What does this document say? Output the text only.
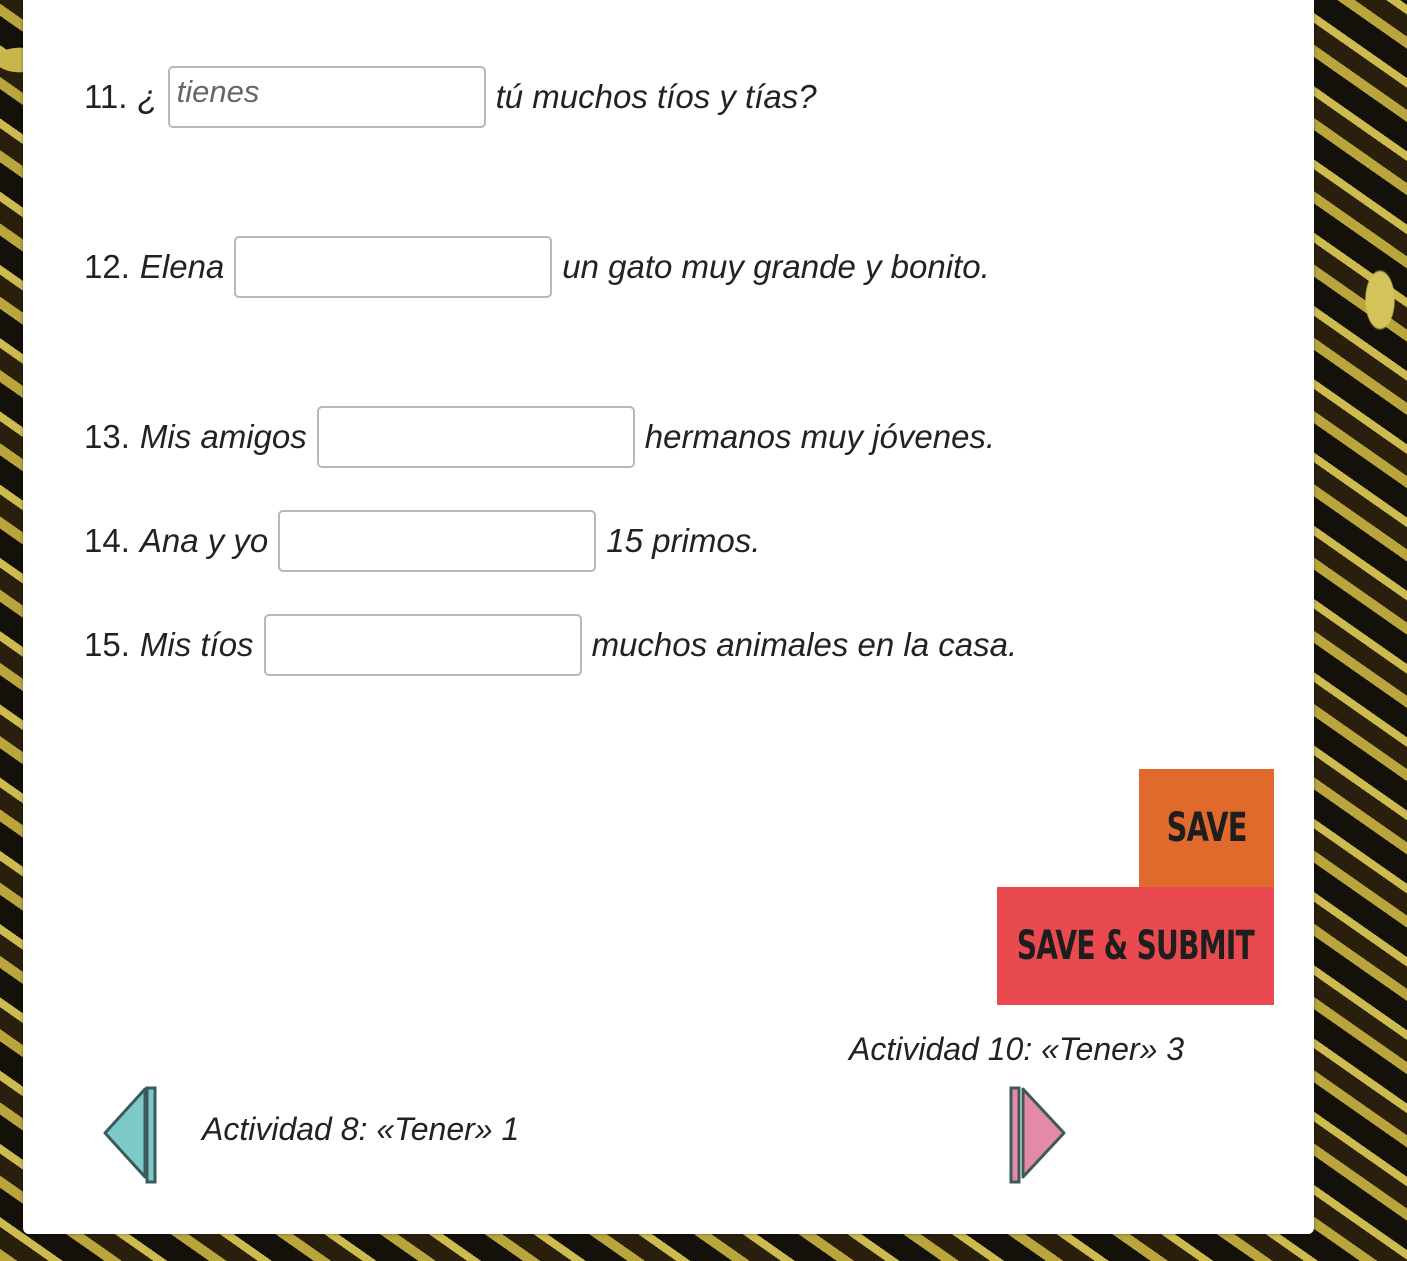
11. ¿
tienes	tú muchos tíos y tías?
12. Elena	un gato muy grande y bonito.
13. Mis amigos	hermanos muy jóvenes.
14. Ana y yo	15 primos.
15. Mis tíos	muchos animales en la casa.
SAVE
SAVE & SUBMIT
Actividad 10: «Tener» 3
Actividad 8: «Tener» 1
